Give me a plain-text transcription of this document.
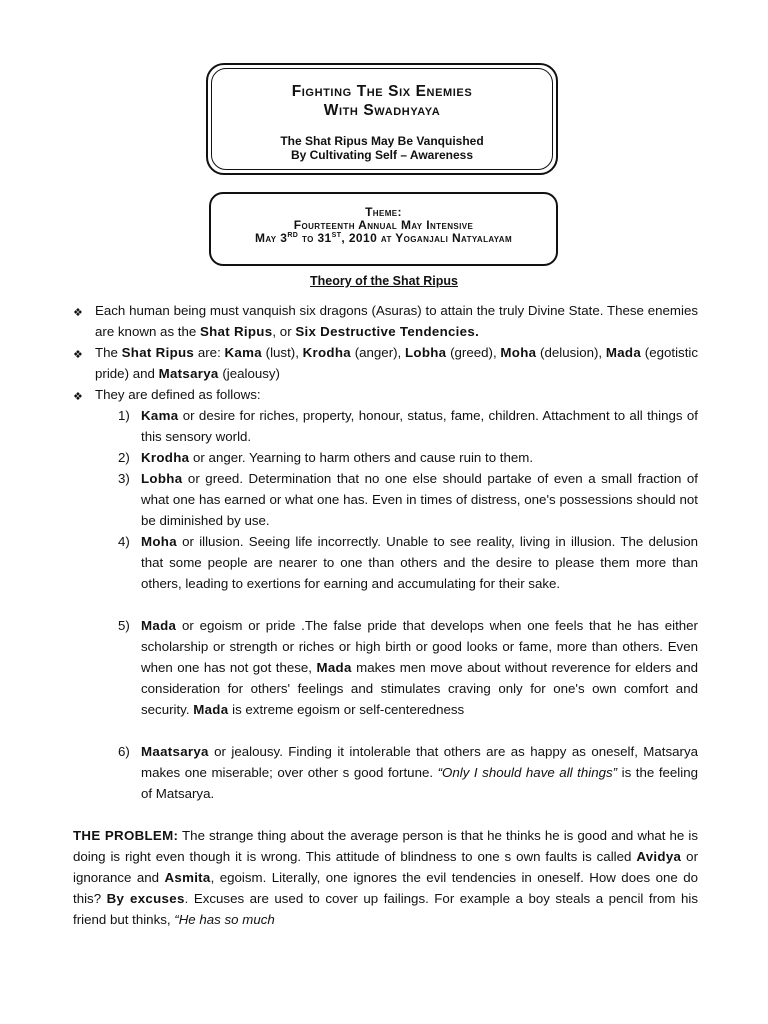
Fighting The Six Enemies
With Swadhyaya
The Shat Ripus May Be Vanquished
By Cultivating Self – Awareness
Theme:
Fourteenth Annual May Intensive
May 3RD to 31ST, 2010 at Yoganjali Natyalayam
Theory of the Shat Ripus
❖ Each human being must vanquish six dragons (Asuras) to attain the truly Divine State. These enemies are known as the Shat Ripus, or Six Destructive Tendencies.
❖ The Shat Ripus are: Kama (lust), Krodha (anger), Lobha (greed), Moha (delusion), Mada (egotistic pride) and Matsarya (jealousy)
❖ They are defined as follows:
1) Kama or desire for riches, property, honour, status, fame, children. Attachment to all things of this sensory world.
2) Krodha or anger. Yearning to harm others and cause ruin to them.
3) Lobha or greed. Determination that no one else should partake of even a small fraction of what one has earned or what one has. Even in times of distress, one's possessions should not be diminished by use.
4) Moha or illusion. Seeing life incorrectly. Unable to see reality, living in illusion. The delusion that some people are nearer to one than others and the desire to please them more than others, leading to exertions for earning and accumulating for their sake.
5) Mada or egoism or pride .The false pride that develops when one feels that he has either scholarship or strength or riches or high birth or good looks or fame, more than others. Even when one has not got these, Mada makes men move about without reverence for elders and consideration for others' feelings and stimulates craving only for one's own comfort and security. Mada is extreme egoism or self-centeredness
6) Maatsarya or jealousy. Finding it intolerable that others are as happy as oneself, Matsarya makes one miserable; over other s good fortune. “Only I should have all things” is the feeling of Matsarya.
THE PROBLEM: The strange thing about the average person is that he thinks he is good and what he is doing is right even though it is wrong. This attitude of blindness to one s own faults is called Avidya or ignorance and Asmita, egoism. Literally, one ignores the evil tendencies in oneself. How does one do this? By excuses. Excuses are used to cover up failings. For example a boy steals a pencil from his friend but thinks, “He has so much
